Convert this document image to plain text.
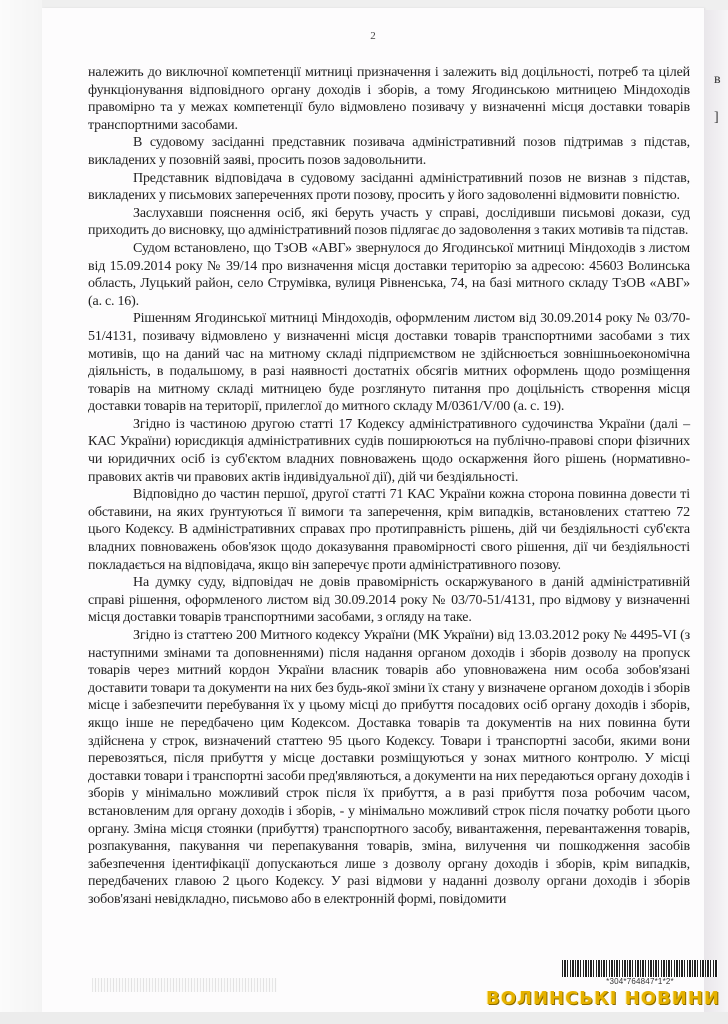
2

належить до виключної компетенції митниці призначення і залежить від доцільності, потреб та цілей функціонування відповідного органу доходів і зборів, а тому Ягодинською митницею Міндоходів правомірно та у межах компетенції було відмовлено позивачу у визначенні місця доставки товарів транспортними засобами.

В судовому засіданні представник позивача адміністративний позов підтримав з підстав, викладених у позовній заяві, просить позов задовольнити.

Представник відповідача в судовому засіданні адміністративний позов не визнав з підстав, викладених у письмових запереченнях проти позову, просить у його задоволенні відмовити повністю.

Заслухавши пояснення осіб, які беруть участь у справі, дослідивши письмові докази, суд приходить до висновку, що адміністративний позов підлягає до задоволення з таких мотивів та підстав.

Судом встановлено, що ТзОВ «АВГ» звернулося до Ягодинської митниці Міндоходів з листом від 15.09.2014 року № 39/14 про визначення місця доставки територію за адресою: 45603 Волинська область, Луцький район, село Струмівка, вулиця Рівненська, 74, на базі митного складу ТзОВ «АВГ» (а. с. 16).

Рішенням Ягодинської митниці Міндоходів, оформленим листом від 30.09.2014 року № 03/70-51/4131, позивачу відмовлено у визначенні місця доставки товарів транспортними засобами з тих мотивів, що на даний час на митному складі підприємством не здійснюється зовнішньоекономічна діяльність, в подальшому, в разі наявності достатніх обсягів митних оформлень щодо розміщення товарів на митному складі митницею буде розглянуто питання про доцільність створення місця доставки товарів на території, прилеглої до митного складу М/0361/V/00 (а. с. 19).

Згідно із частиною другою статті 17 Кодексу адміністративного судочинства України (далі – КАС України) юрисдикція адміністративних судів поширюються на публічно-правові спори фізичних чи юридичних осіб із суб'єктом владних повноважень щодо оскарження його рішень (нормативно-правових актів чи правових актів індивідуальної дії), дій чи бездіяльності.

Відповідно до частин першої, другої статті 71 КАС України кожна сторона повинна довести ті обставини, на яких ґрунтуються її вимоги та заперечення, крім випадків, встановлених статтею 72 цього Кодексу. В адміністративних справах про протиправність рішень, дій чи бездіяльності суб'єкта владних повноважень обов'язок щодо доказування правомірності свого рішення, дії чи бездіяльності покладається на відповідача, якщо він заперечує проти адміністративного позову.

На думку суду, відповідач не довів правомірність оскаржуваного в даній адміністративній справі рішення, оформленого листом від 30.09.2014 року № 03/70-51/4131, про відмову у визначенні місця доставки товарів транспортними засобами, з огляду на таке.

Згідно із статтею 200 Митного кодексу України (МК України) від 13.03.2012 року № 4495-VI (з наступними змінами та доповненнями) після надання органом доходів і зборів дозволу на пропуск товарів через митний кордон України власник товарів або уповноважена ним особа зобов'язані доставити товари та документи на них без будь-якої зміни їх стану у визначене органом доходів і зборів місце і забезпечити перебування їх у цьому місці до прибуття посадових осіб органу доходів і зборів, якщо інше не передбачено цим Кодексом. Доставка товарів та документів на них повинна бути здійснена у строк, визначений статтею 95 цього Кодексу. Товари і транспортні засоби, якими вони перевозяться, після прибуття у місце доставки розміщуються у зонах митного контролю. У місці доставки товари і транспортні засоби пред'являються, а документи на них передаються органу доходів і зборів у мінімально можливий строк після їх прибуття, а в разі прибуття поза робочим часом, встановленим для органу доходів і зборів, - у мінімально можливий строк після початку роботи цього органу. Зміна місця стоянки (прибуття) транспортного засобу, вивантаження, перевантаження товарів, розпакування, пакування чи перепакування товарів, зміна, вилучення чи пошкодження засобів забезпечення ідентифікації допускаються лише з дозволу органу доходів і зборів, крім випадків, передбачених главою 2 цього Кодексу. У разі відмови у наданні дозволу органи доходів і зборів зобов'язані невідкладно, письмово або в електронній формі, повідомити

в
]
*304*764847*1*2*
ВОЛИНСЬКІ НОВИНИ
